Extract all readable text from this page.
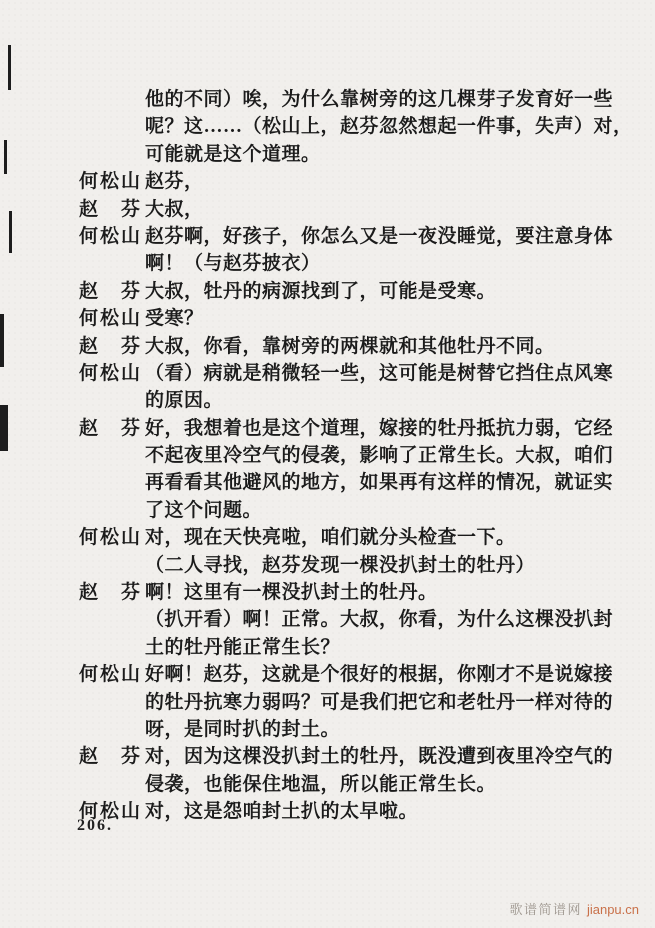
他的不同）唉，为什么靠树旁的这几棵芽子发育好一些
呢？这……（松山上，赵芬忽然想起一件事，失声）对，
可能就是这个道理。
何松山 赵芬，
赵　芬 大叔，
何松山 赵芬啊，好孩子，你怎么又是一夜没睡觉，要注意身体
啊！（与赵芬披衣）
赵　芬 大叔，牡丹的病源找到了，可能是受寒。
何松山 受寒？
赵　芬 大叔，你看，靠树旁的两棵就和其他牡丹不同。
何松山 （看）病就是稍微轻一些，这可能是树替它挡住点风寒
的原因。
赵　芬 好，我想着也是这个道理，嫁接的牡丹抵抗力弱，它经
不起夜里冷空气的侵袭，影响了正常生长。大叔，咱们
再看看其他避风的地方，如果再有这样的情况，就证实
了这个问题。
何松山 对，现在天快亮啦，咱们就分头检查一下。
（二人寻找，赵芬发现一棵没扒封土的牡丹）
赵　芬 啊！这里有一棵没扒封土的牡丹。
（扒开看）啊！正常。大叔，你看，为什么这棵没扒封
土的牡丹能正常生长？
何松山 好啊！赵芬，这就是个很好的根据，你刚才不是说嫁接
的牡丹抗寒力弱吗？可是我们把它和老牡丹一样对待的
呀，是同时扒的封土。
赵　芬 对，因为这棵没扒封土的牡丹，既没遭到夜里冷空气的
侵袭，也能保住地温，所以能正常生长。
何松山 对，这是怨咱封土扒的太早啦。
206.
歌谱简谱网 jianpu.cn
